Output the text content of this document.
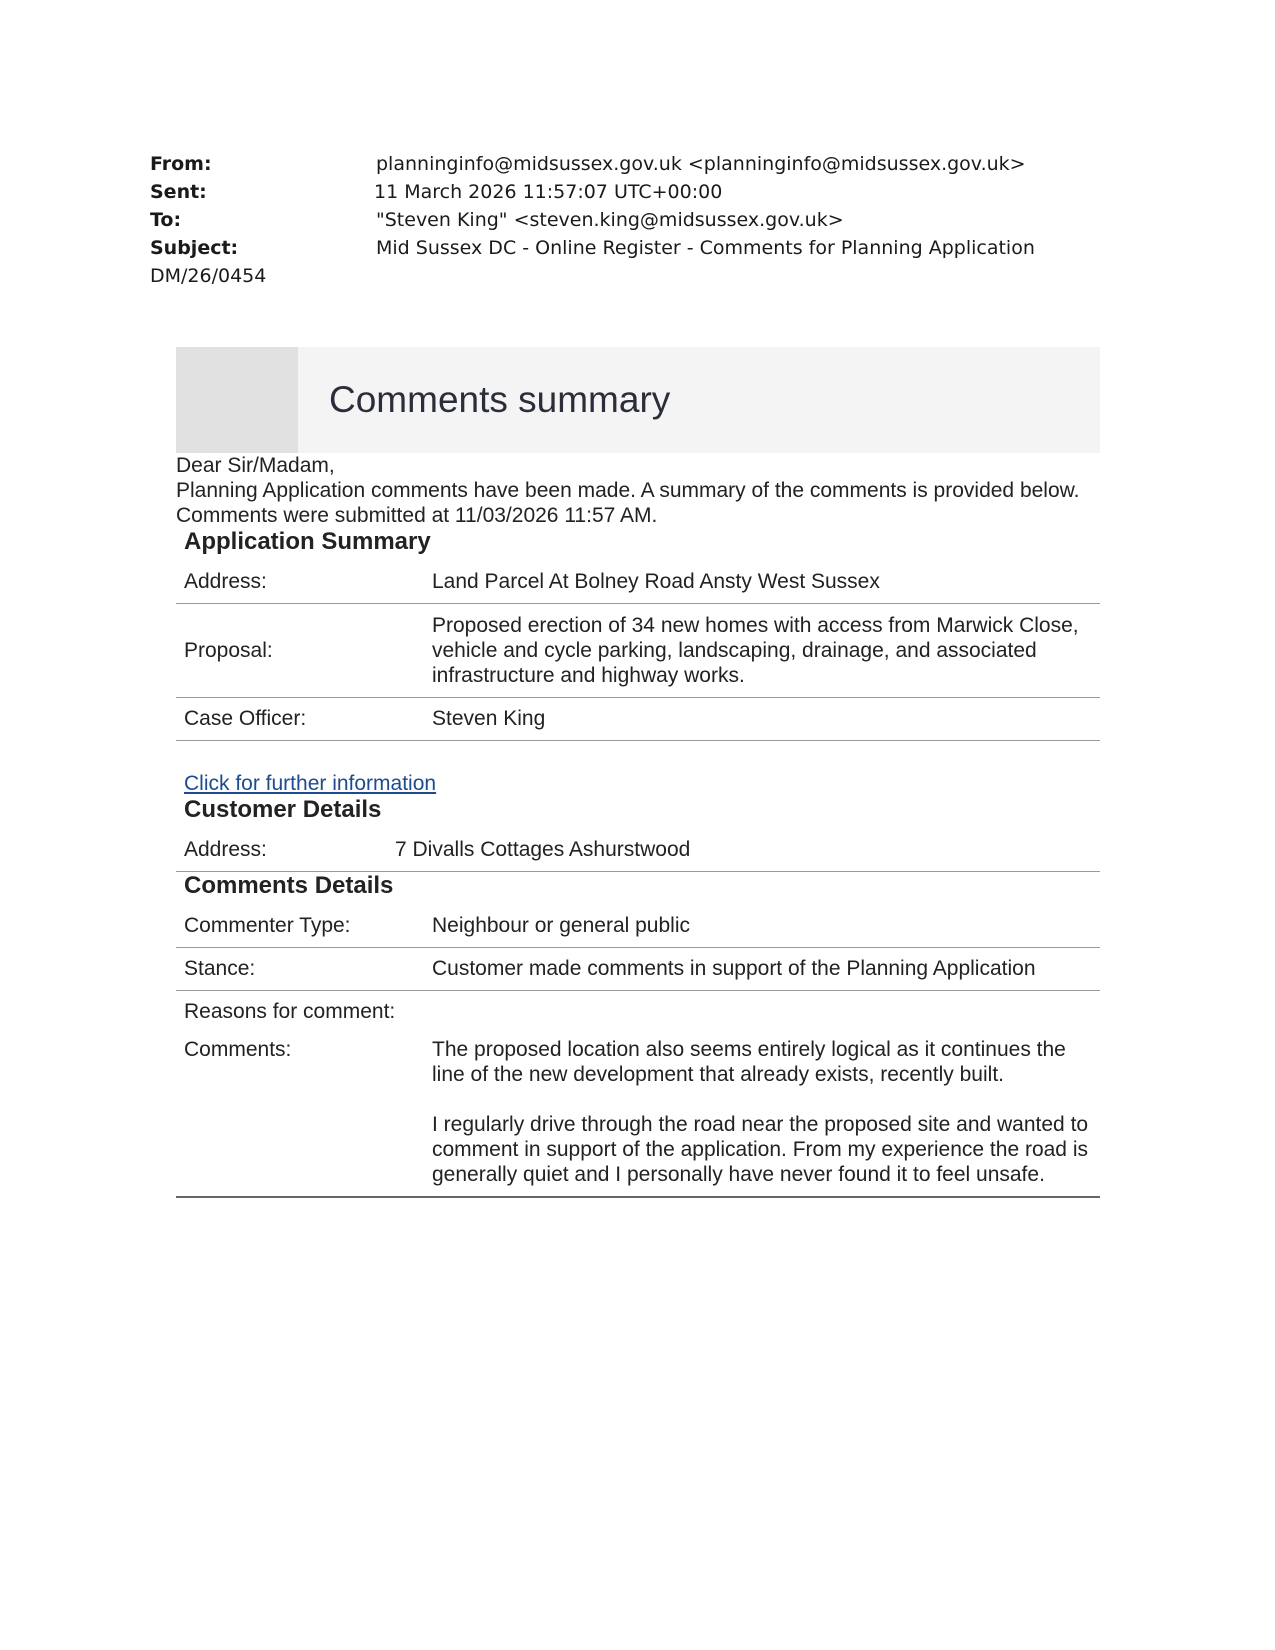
From:	planninginfo@midsussex.gov.uk <planninginfo@midsussex.gov.uk>
Sent:	11 March 2026 11:57:07 UTC+00:00
To:	"Steven King" <steven.king@midsussex.gov.uk>
Subject:	Mid Sussex DC - Online Register - Comments for Planning Application
DM/26/0454
Comments summary

Dear Sir/Madam,

Planning Application comments have been made. A summary of the comments is provided below.

Comments were submitted at 11/03/2026 11:57 AM.

Application Summary
Address:	Land Parcel At Bolney Road Ansty West Sussex
Proposal:
Proposed erection of 34 new homes with access from Marwick Close, vehicle and cycle parking, landscaping, drainage, and associated infrastructure and highway works.
Case Officer:	Steven King
Click for further information
Customer Details
Address:	7 Divalls Cottages Ashurstwood
Comments Details
Commenter Type:	Neighbour or general public
Stance:	Customer made comments in support of the Planning Application
Reasons for comment:
Comments:	The proposed location also seems entirely logical as it continues the line of the new development that already exists, recently built.

I regularly drive through the road near the proposed site and wanted to comment in support of the application. From my experience the road is generally quiet and I personally have never found it to feel unsafe.
